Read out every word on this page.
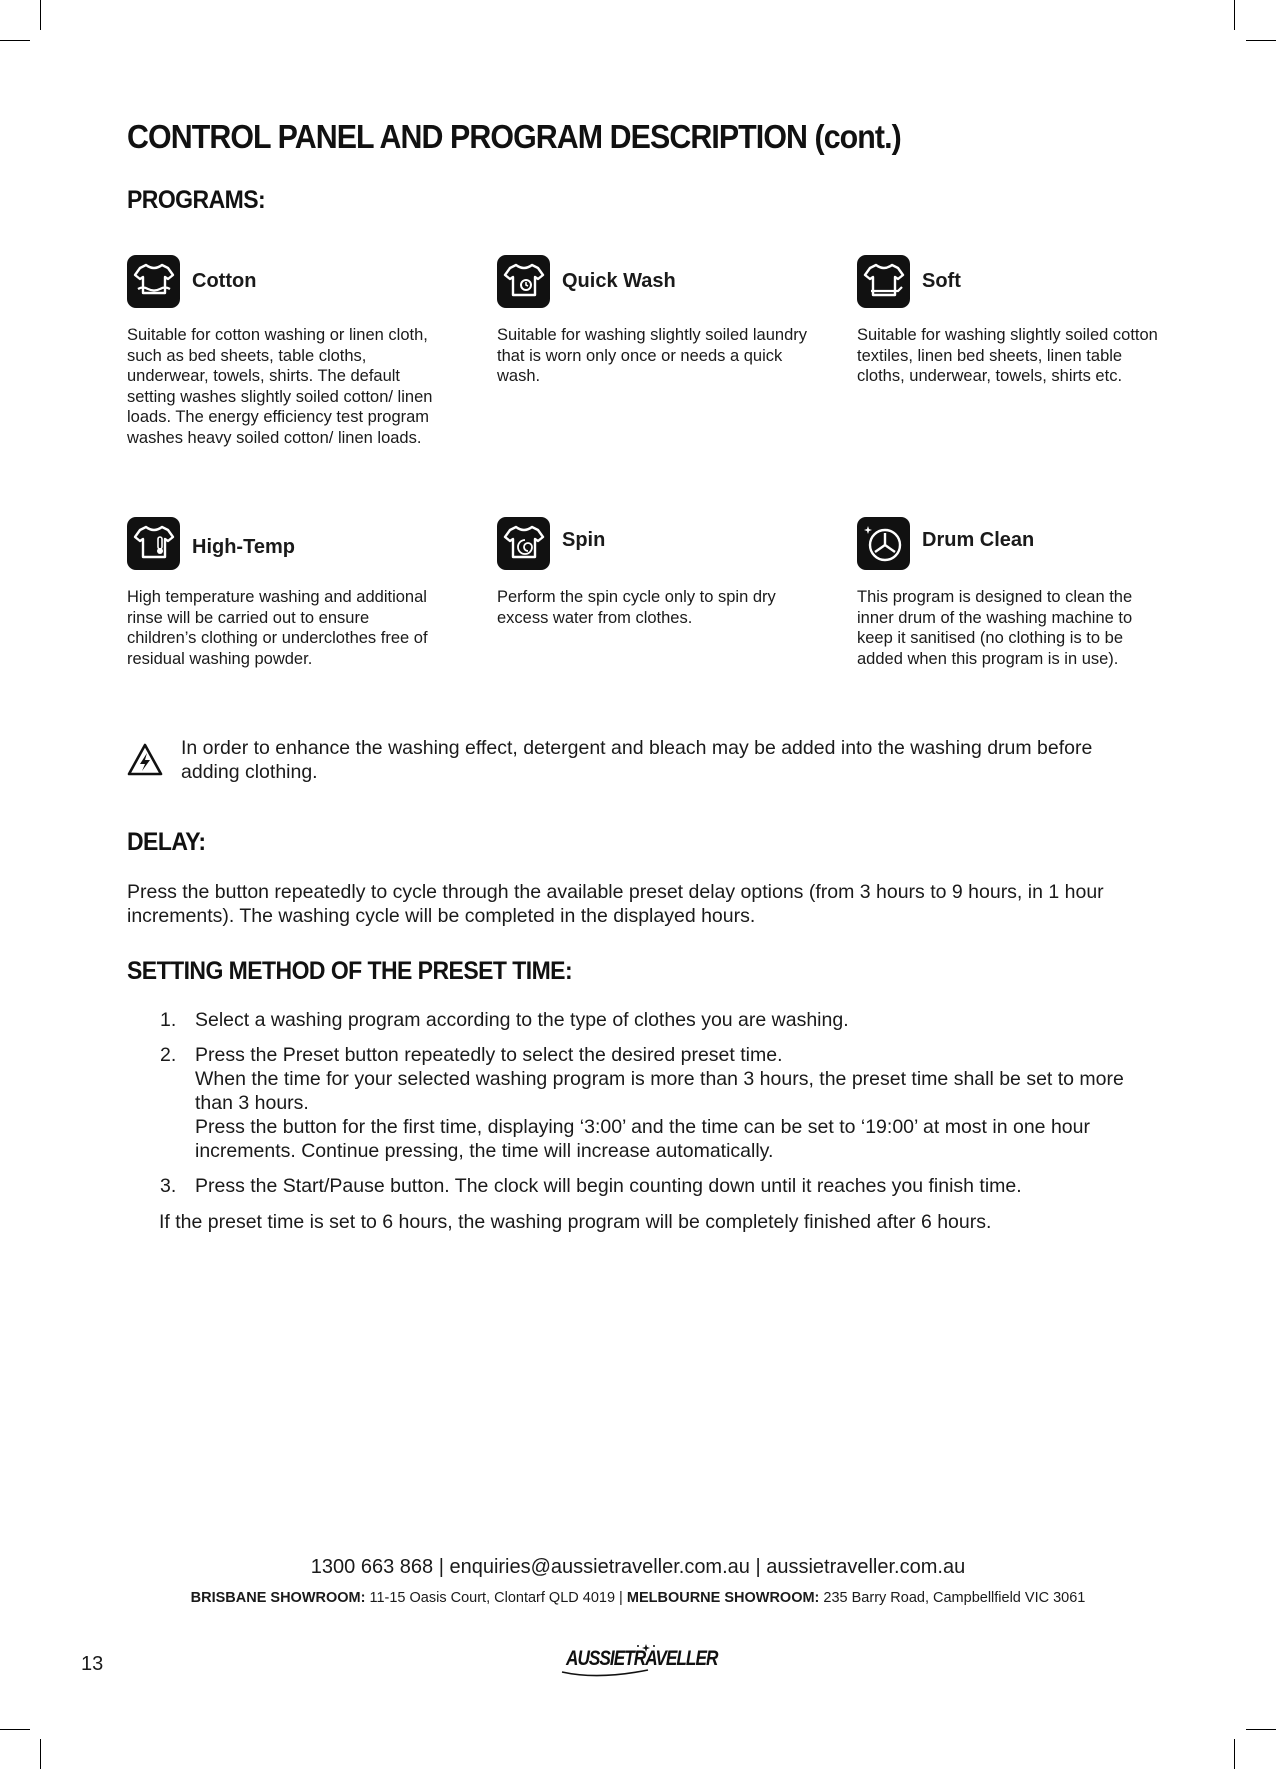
CONTROL PANEL AND PROGRAM DESCRIPTION (cont.)
PROGRAMS:
Cotton
Suitable for cotton washing or linen cloth, such as bed sheets, table cloths, underwear, towels, shirts. The default setting washes slightly soiled cotton/ linen loads. The energy efficiency test program washes heavy soiled cotton/ linen loads.
Quick Wash
Suitable for washing slightly soiled laundry that is worn only once or needs a quick wash.
Soft
Suitable for washing slightly soiled cotton textiles, linen bed sheets, linen table cloths, underwear, towels, shirts etc.
High-Temp
High temperature washing and additional rinse will be carried out to ensure children’s clothing or underclothes free of residual washing powder.
Spin
Perform the spin cycle only to spin dry excess water from clothes.
Drum Clean
This program is designed to clean the inner drum of the washing machine to keep it sanitised (no clothing is to be added when this program is in use).
In order to enhance the washing effect, detergent and bleach may be added into the washing drum before adding clothing.
DELAY:

Press the button repeatedly to cycle through the available preset delay options (from 3 hours to 9 hours, in 1 hour increments). The washing cycle will be completed in the displayed hours.

SETTING METHOD OF THE PRESET TIME:
1. Select a washing program according to the type of clothes you are washing.

2. Press the Preset button repeatedly to select the desired preset time.

When the time for your selected washing program is more than 3 hours, the preset time shall be set to more than 3 hours.

Press the button for the first time, displaying ‘3:00’ and the time can be set to ‘19:00’ at most in one hour increments. Continue pressing, the time will increase automatically.

3. Press the Start/Pause button. The clock will begin counting down until it reaches you finish time.

If the preset time is set to 6 hours, the washing program will be completely finished after 6 hours.

1300 663 868 | enquiries@aussietraveller.com.au | aussietraveller.com.au
BRISBANE SHOWROOM: 11-15 Oasis Court, Clontarf QLD 4019 | MELBOURNE SHOWROOM: 235 Barry Road, Campbellfield VIC 3061
13	AUSSIETRAVELLER
